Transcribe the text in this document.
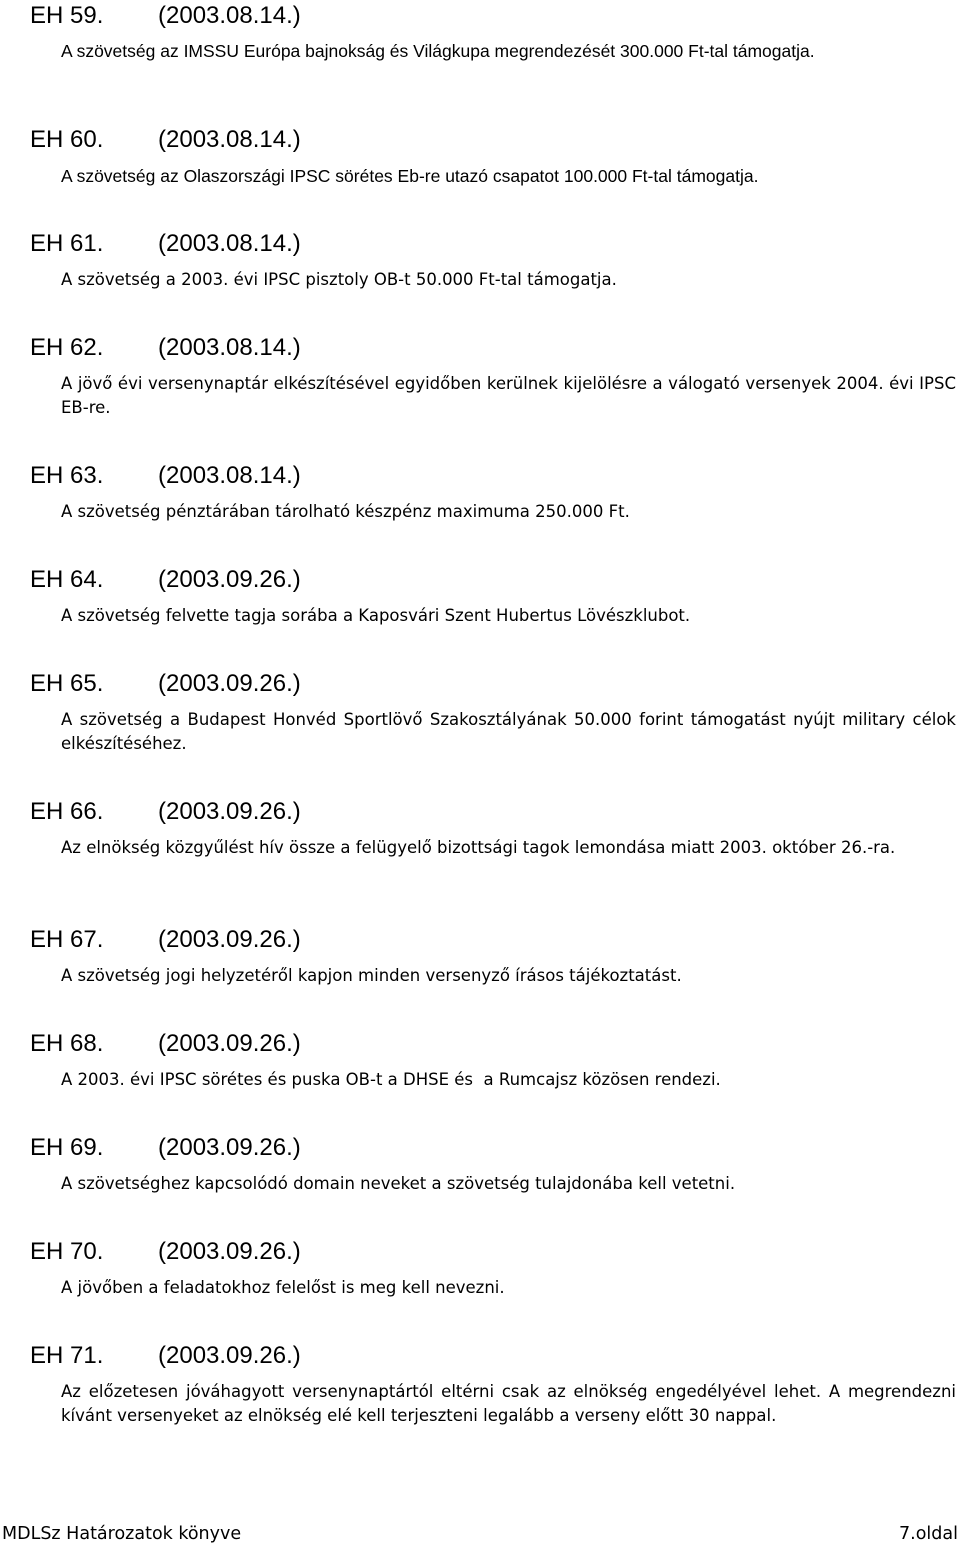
EH 59. (2003.08.14.)
A szövetség az IMSSU Európa bajnokság és Világkupa megrendezését 300.000 Ft-tal támogatja.
EH 60. (2003.08.14.)
A szövetség az Olaszországi IPSC sörétes Eb-re utazó csapatot 100.000 Ft-tal támogatja.
EH 61. (2003.08.14.)
A szövetség a 2003. évi IPSC pisztoly OB-t 50.000 Ft-tal támogatja.
EH 62. (2003.08.14.)
A jövő évi versenynaptár elkészítésével egyidőben kerülnek kijelölésre a válogató versenyek 2004. évi IPSC EB-re.
EH 63. (2003.08.14.)
A szövetség pénztárában tárolható készpénz maximuma 250.000 Ft.
EH 64. (2003.09.26.)
A szövetség felvette tagja sorába a Kaposvári Szent Hubertus Lövészklubot.
EH 65. (2003.09.26.)
A szövetség a Budapest Honvéd Sportlövő Szakosztályának 50.000 forint támogatást nyújt military célok elkészítéséhez.
EH 66. (2003.09.26.)
Az elnökség közgyűlést hív össze a felügyelő bizottsági tagok lemondása miatt 2003. október 26.-ra.
EH 67. (2003.09.26.)
A szövetség jogi helyzetéről kapjon minden versenyző írásos tájékoztatást.
EH 68. (2003.09.26.)
A 2003. évi IPSC sörétes és puska OB-t a DHSE és  a Rumcajsz közösen rendezi.
EH 69. (2003.09.26.)
A szövetséghez kapcsolódó domain neveket a szövetség tulajdonába kell vetetni.
EH 70. (2003.09.26.)
A jövőben a feladatokhoz felelőst is meg kell nevezni.
EH 71. (2003.09.26.)
Az előzetesen jóváhagyott versenynaptártól eltérni csak az elnökség engedélyével lehet. A megrendezni kívánt versenyeket az elnökség elé kell terjeszteni legalább a verseny előtt 30 nappal.
MDLSz Határozatok könyve	7.oldal
